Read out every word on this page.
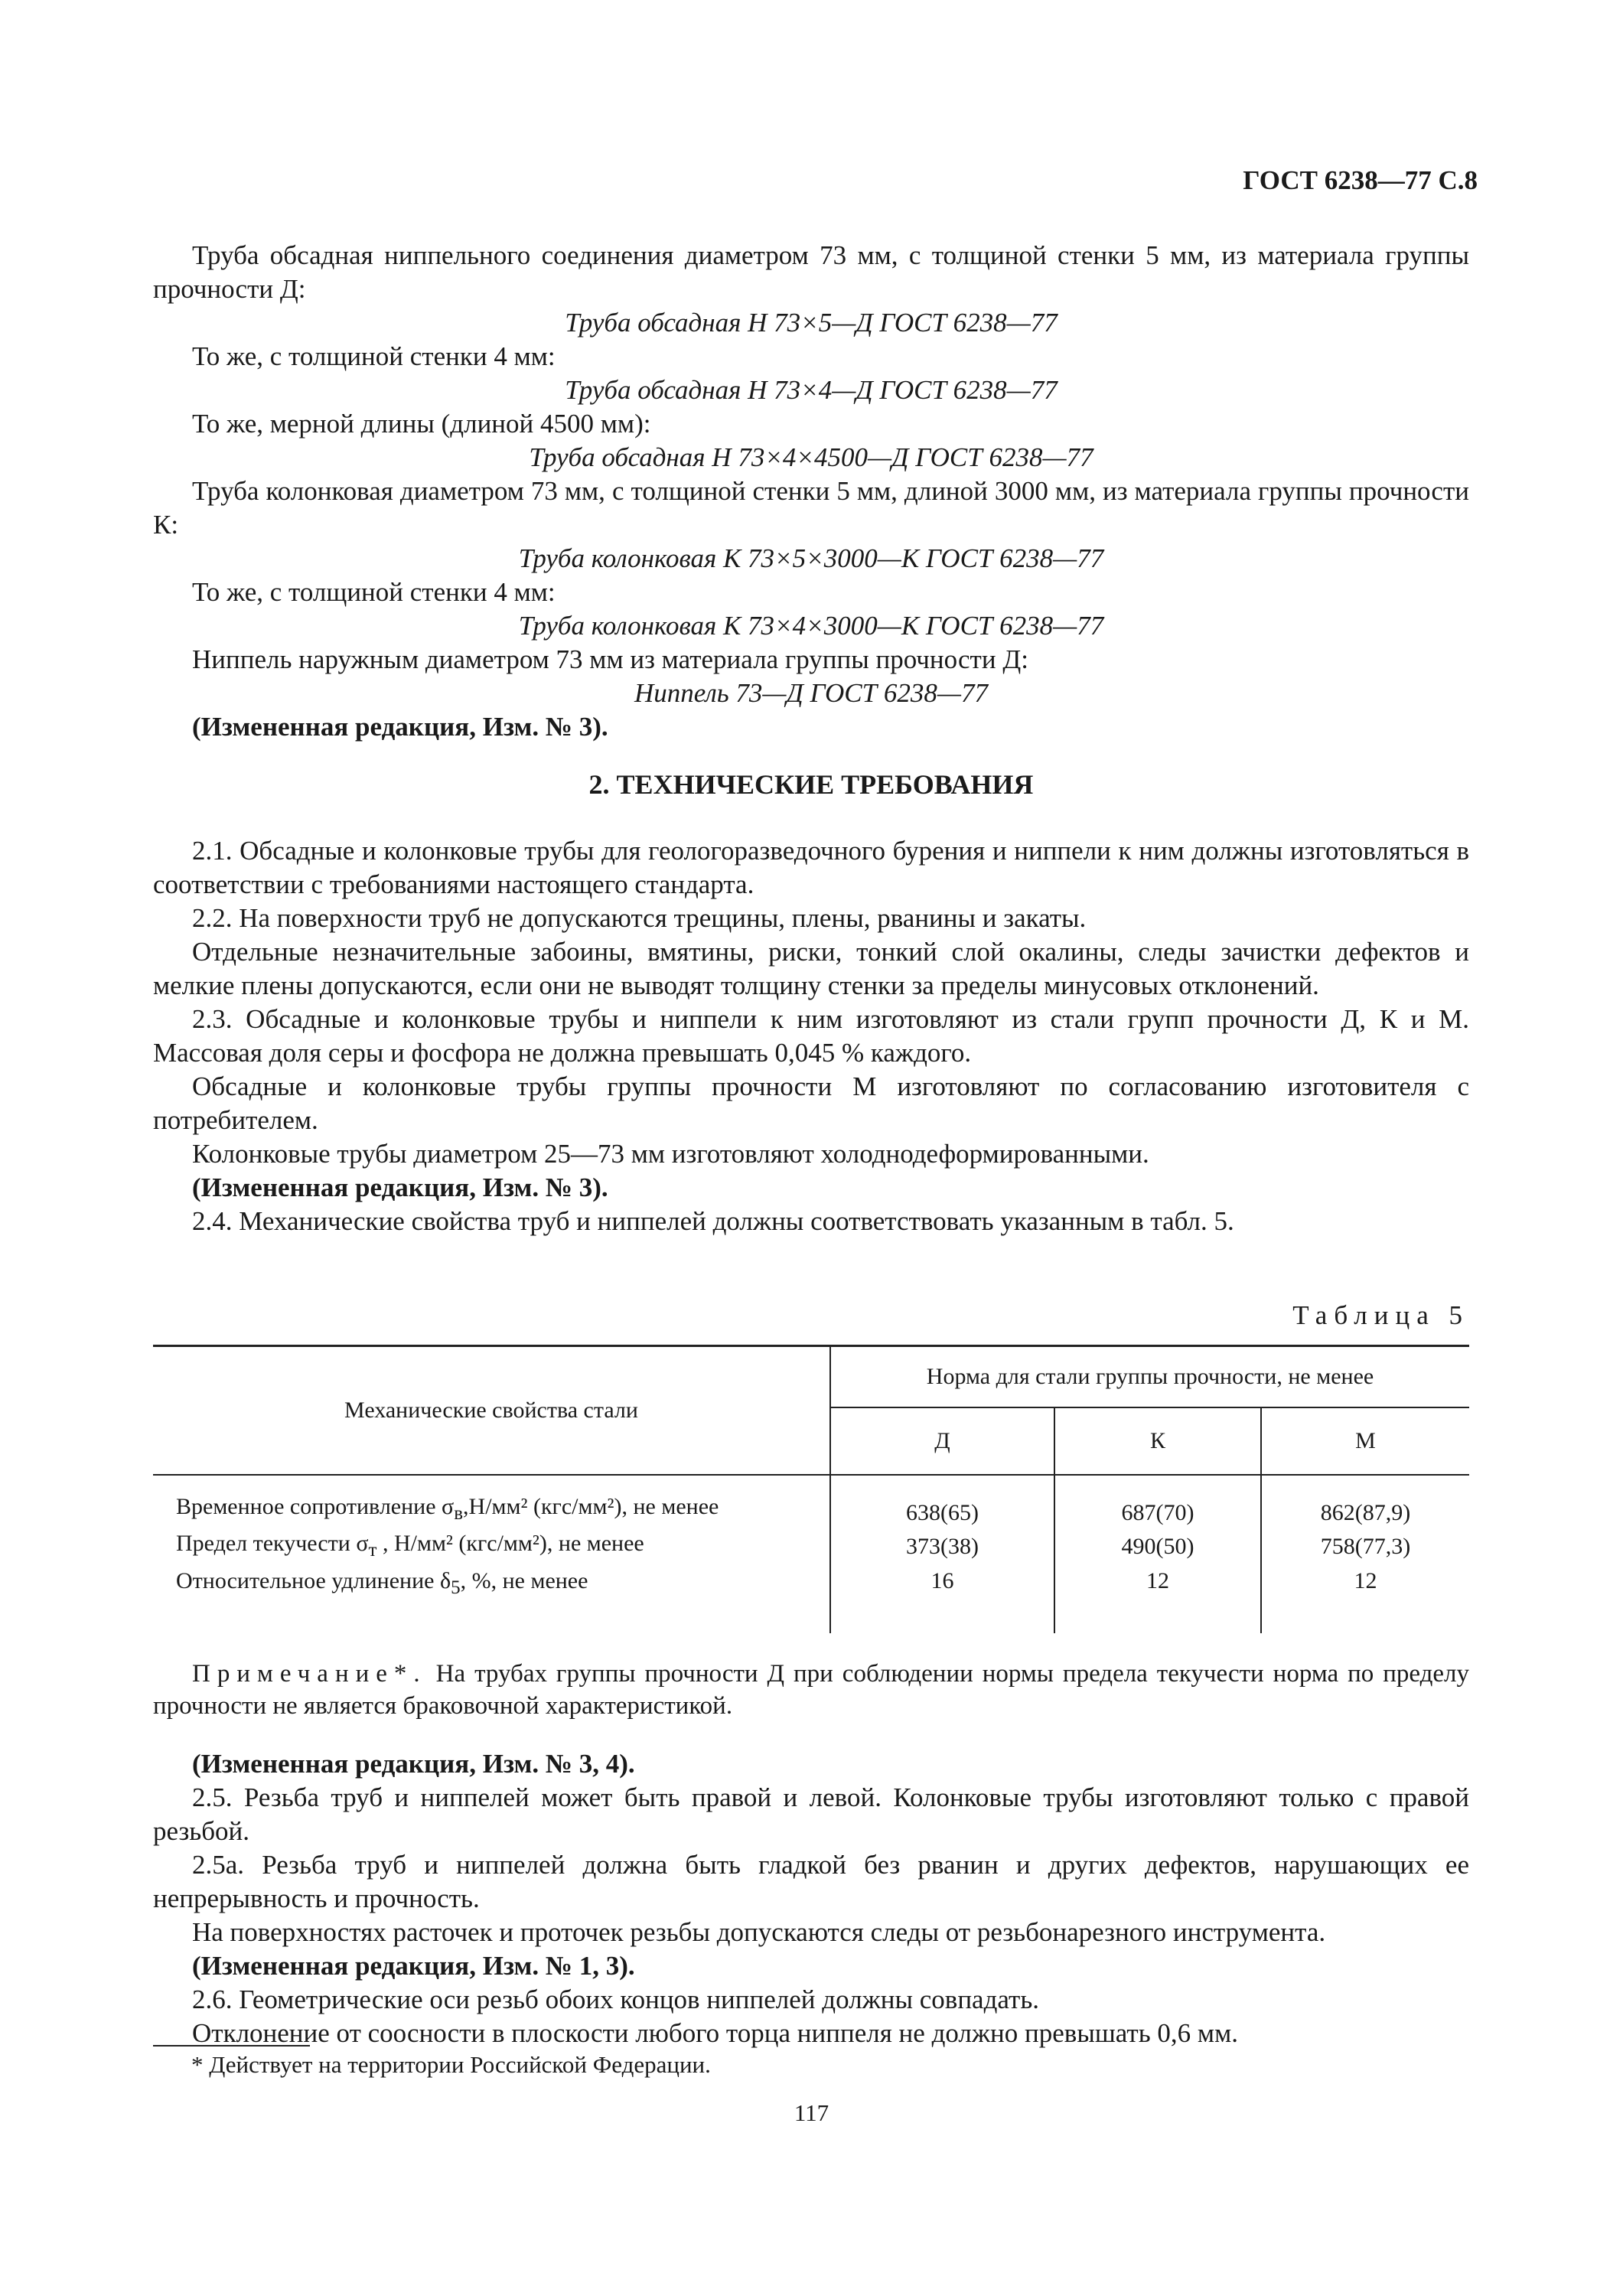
ГОСТ 6238—77 С.8

Труба обсадная ниппельного соединения диаметром 73 мм, с толщиной стенки 5 мм, из материала группы прочности Д:

Труба обсадная Н 73×5—Д ГОСТ 6238—77

То же, с толщиной стенки 4 мм:

Труба обсадная Н 73×4—Д ГОСТ 6238—77

То же, мерной длины (длиной 4500 мм):

Труба обсадная Н 73×4×4500—Д ГОСТ 6238—77

Труба колонковая диаметром 73 мм, с толщиной стенки 5 мм, длиной 3000 мм, из материала группы прочности К:

Труба колонковая К 73×5×3000—К ГОСТ 6238—77

То же, с толщиной стенки 4 мм:

Труба колонковая К 73×4×3000—К ГОСТ 6238—77

Ниппель наружным диаметром 73 мм из материала группы прочности Д:

Ниппель 73—Д ГОСТ 6238—77

(Измененная редакция, Изм. № 3).

2. ТЕХНИЧЕСКИЕ ТРЕБОВАНИЯ

2.1. Обсадные и колонковые трубы для геологоразведочного бурения и ниппели к ним должны изготовляться в соответствии с требованиями настоящего стандарта.

2.2. На поверхности труб не допускаются трещины, плены, рванины и закаты.

Отдельные незначительные забоины, вмятины, риски, тонкий слой окалины, следы зачистки дефектов и мелкие плены допускаются, если они не выводят толщину стенки за пределы минусовых отклонений.

2.3. Обсадные и колонковые трубы и ниппели к ним изготовляют из стали групп прочности Д, К и М. Массовая доля серы и фосфора не должна превышать 0,045 % каждого.

Обсадные и колонковые трубы группы прочности М изготовляют по согласованию изготовителя с потребителем.

Колонковые трубы диаметром 25—73 мм изготовляют холоднодеформированными.

(Измененная редакция, Изм. № 3).

2.4. Механические свойства труб и ниппелей должны соответствовать указанным в табл. 5.

Таблица 5
Механические свойства стали	Норма для стали группы прочности, не менее		
	Д	К	М
Временное сопротивление $\sigma_в,Н$/мм² (кгс/мм²), не менее	638(65)	687(70)	862(87,9)
Предел текучести $\sigma_т$ , Н/мм² (кгс/мм²), не менее	373(38)	490(50)	758(77,3)
Относительное удлинение $\delta_5$, %, не менее	16	12	12

Примечание*. На трубах группы прочности Д при соблюдении нормы предела текучести норма по пределу прочности не является браковочной характеристикой.

(Измененная редакция, Изм. № 3, 4).

2.5. Резьба труб и ниппелей может быть правой и левой. Колонковые трубы изготовляют только с правой резьбой.

2.5а. Резьба труб и ниппелей должна быть гладкой без рванин и других дефектов, нарушающих ее непрерывность и прочность.

На поверхностях расточек и проточек резьбы допускаются следы от резьбонарезного инструмента.

(Измененная редакция, Изм. № 1, 3).

2.6. Геометрические оси резьб обоих концов ниппелей должны совпадать.

Отклонение от соосности в плоскости любого торца ниппеля не должно превышать 0,6 мм.

* Действует на территории Российской Федерации.
117
